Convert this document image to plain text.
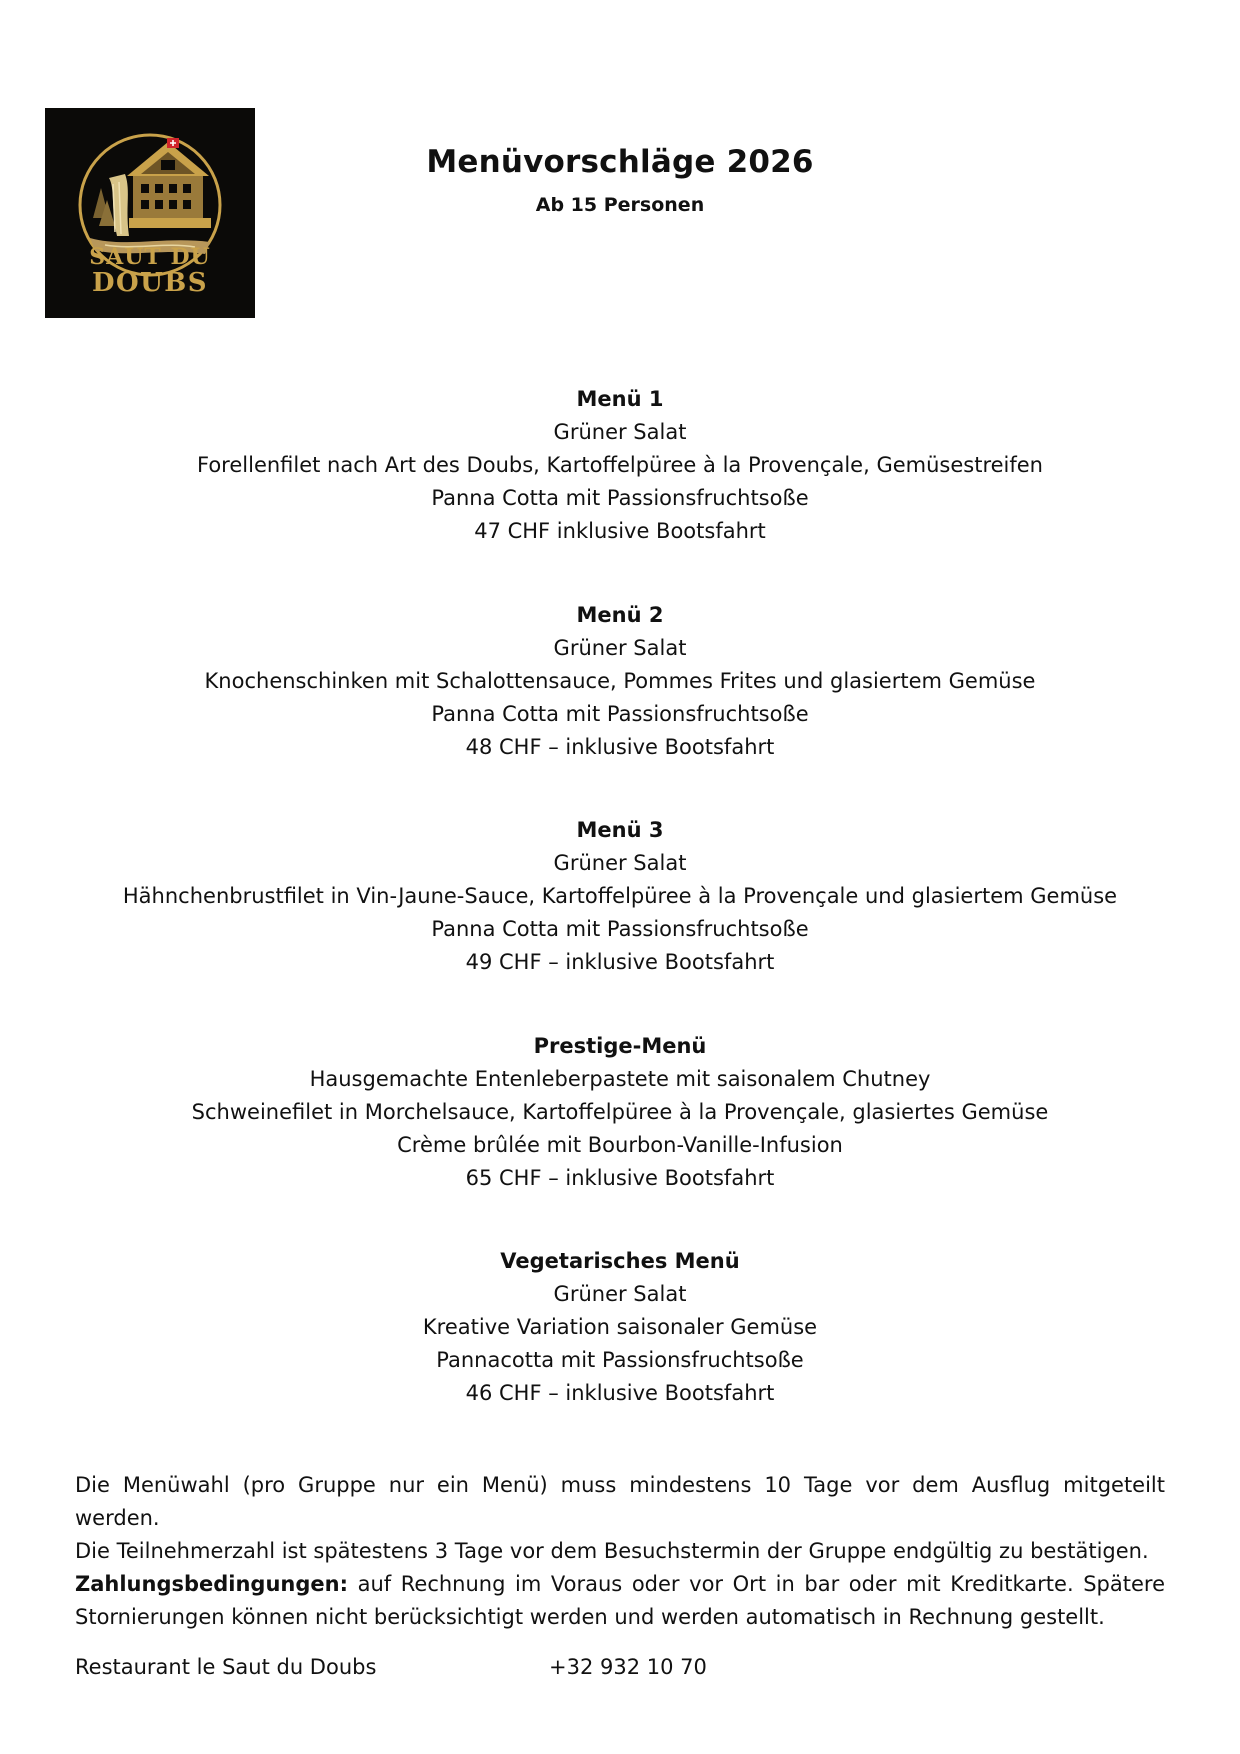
SAUT DU
DOUBS
Menüvorschläge 2026
Ab 15 Personen
Menü 1
Grüner Salat
Forellenfilet nach Art des Doubs, Kartoffelpüree à la Provençale, Gemüsestreifen
Panna Cotta mit Passionsfruchtsoße
47 CHF inklusive Bootsfahrt
Menü 2
Grüner Salat
Knochenschinken mit Schalottensauce, Pommes Frites und glasiertem Gemüse
Panna Cotta mit Passionsfruchtsoße
48 CHF – inklusive Bootsfahrt
Menü 3
Grüner Salat
Hähnchenbrustfilet in Vin-Jaune-Sauce, Kartoffelpüree à la Provençale und glasiertem Gemüse
Panna Cotta mit Passionsfruchtsoße
49 CHF – inklusive Bootsfahrt
Prestige-Menü
Hausgemachte Entenleberpastete mit saisonalem Chutney
Schweinefilet in Morchelsauce, Kartoffelpüree à la Provençale, glasiertes Gemüse
Crème brûlée mit Bourbon-Vanille-Infusion
65 CHF – inklusive Bootsfahrt
Vegetarisches Menü
Grüner Salat
Kreative Variation saisonaler Gemüse
Pannacotta mit Passionsfruchtsoße
46 CHF – inklusive Bootsfahrt

Die Menüwahl (pro Gruppe nur ein Menü) muss mindestens 10 Tage vor dem Ausflug mitgeteilt werden.

Die Teilnehmerzahl ist spätestens 3 Tage vor dem Besuchstermin der Gruppe endgültig zu bestätigen.

Zahlungsbedingungen: auf Rechnung im Voraus oder vor Ort in bar oder mit Kreditkarte. Spätere Stornierungen können nicht berücksichtigt werden und werden automatisch in Rechnung gestellt.

Restaurant le Saut du Doubs	+32 932 10 70
